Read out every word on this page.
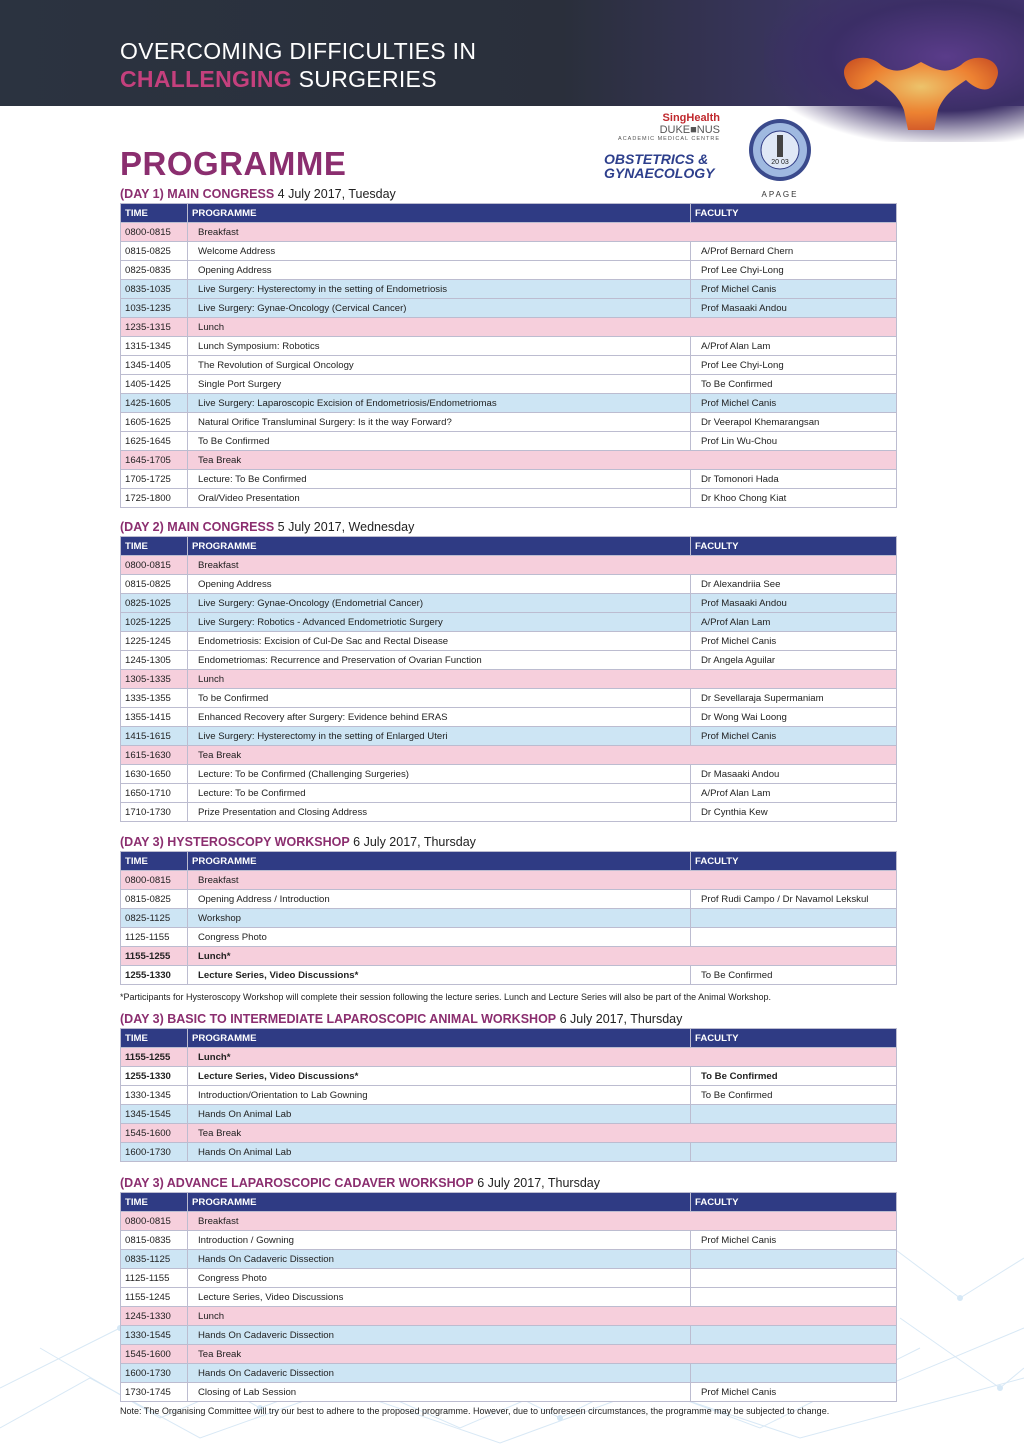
OVERCOMING DIFFICULTIES IN
CHALLENGING SURGERIES
PROGRAMME
SingHealth DUKE■NUS
ACADEMIC MEDICAL CENTRE
OBSTETRICS &
GYNAECOLOGY
20 03
APAGE
(DAY 1) MAIN CONGRESS 4 July 2017, Tuesday
TIME	PROGRAMME	FACULTY
0800-0815	Breakfast	
0815-0825	Welcome Address	A/Prof Bernard Chern
0825-0835	Opening Address	Prof Lee Chyi-Long
0835-1035	Live Surgery: Hysterectomy in the setting of Endometriosis	Prof Michel Canis
1035-1235	Live Surgery: Gynae-Oncology (Cervical Cancer)	Prof Masaaki Andou
1235-1315	Lunch	
1315-1345	Lunch Symposium: Robotics	A/Prof Alan Lam
1345-1405	The Revolution of Surgical Oncology	Prof Lee Chyi-Long
1405-1425	Single Port Surgery	To Be Confirmed
1425-1605	Live Surgery: Laparoscopic Excision of Endometriosis/Endometriomas	Prof Michel Canis
1605-1625	Natural Orifice Transluminal Surgery: Is it the way Forward?	Dr Veerapol Khemarangsan
1625-1645	To Be Confirmed	Prof Lin Wu-Chou
1645-1705	Tea Break	
1705-1725	Lecture: To Be Confirmed	Dr Tomonori Hada
1725-1800	Oral/Video Presentation	Dr Khoo Chong Kiat
(DAY 2) MAIN CONGRESS 5 July 2017, Wednesday
TIME	PROGRAMME	FACULTY
0800-0815	Breakfast	
0815-0825	Opening Address	Dr Alexandriia See
0825-1025	Live Surgery: Gynae-Oncology (Endometrial Cancer)	Prof Masaaki Andou
1025-1225	Live Surgery: Robotics - Advanced Endometriotic Surgery	A/Prof Alan Lam
1225-1245	Endometriosis: Excision of Cul-De Sac and Rectal Disease	Prof Michel Canis
1245-1305	Endometriomas: Recurrence and Preservation of Ovarian Function	Dr Angela Aguilar
1305-1335	Lunch	
1335-1355	To be Confirmed	Dr Sevellaraja Supermaniam
1355-1415	Enhanced Recovery after Surgery: Evidence behind ERAS	Dr Wong Wai Loong
1415-1615	Live Surgery: Hysterectomy in the setting of Enlarged Uteri	Prof Michel Canis
1615-1630	Tea Break	
1630-1650	Lecture: To be Confirmed (Challenging Surgeries)	Dr Masaaki Andou
1650-1710	Lecture: To be Confirmed	A/Prof Alan Lam
1710-1730	Prize Presentation and Closing Address	Dr Cynthia Kew
(DAY 3) HYSTEROSCOPY WORKSHOP 6 July 2017, Thursday
TIME	PROGRAMME	FACULTY
0800-0815	Breakfast	
0815-0825	Opening Address / Introduction	Prof Rudi Campo / Dr Navamol Lekskul
0825-1125	Workshop	
1125-1155	Congress Photo	
1155-1255	Lunch*	
1255-1330	Lecture Series, Video Discussions*	To Be Confirmed
*Participants for Hysteroscopy Workshop will complete their session following the lecture series. Lunch and Lecture Series will also be part of the Animal Workshop.
(DAY 3) BASIC TO INTERMEDIATE LAPAROSCOPIC ANIMAL WORKSHOP 6 July 2017, Thursday
TIME	PROGRAMME	FACULTY
1155-1255	Lunch*	
1255-1330	Lecture Series, Video Discussions*	To Be Confirmed
1330-1345	Introduction/Orientation to Lab Gowning	To Be Confirmed
1345-1545	Hands On Animal Lab	
1545-1600	Tea Break	
1600-1730	Hands On Animal Lab	
(DAY 3) ADVANCE LAPAROSCOPIC CADAVER WORKSHOP 6 July 2017, Thursday
TIME	PROGRAMME	FACULTY
0800-0815	Breakfast	
0815-0835	Introduction / Gowning	Prof Michel Canis
0835-1125	Hands On Cadaveric Dissection	
1125-1155	Congress Photo	
1155-1245	Lecture Series, Video Discussions	
1245-1330	Lunch	
1330-1545	Hands On Cadaveric Dissection	
1545-1600	Tea Break	
1600-1730	Hands On Cadaveric Dissection	
1730-1745	Closing of Lab Session	Prof Michel Canis
Note: The Organising Committee will try our best to adhere to the proposed programme. However, due to unforeseen circumstances, the programme may be subjected to change.
